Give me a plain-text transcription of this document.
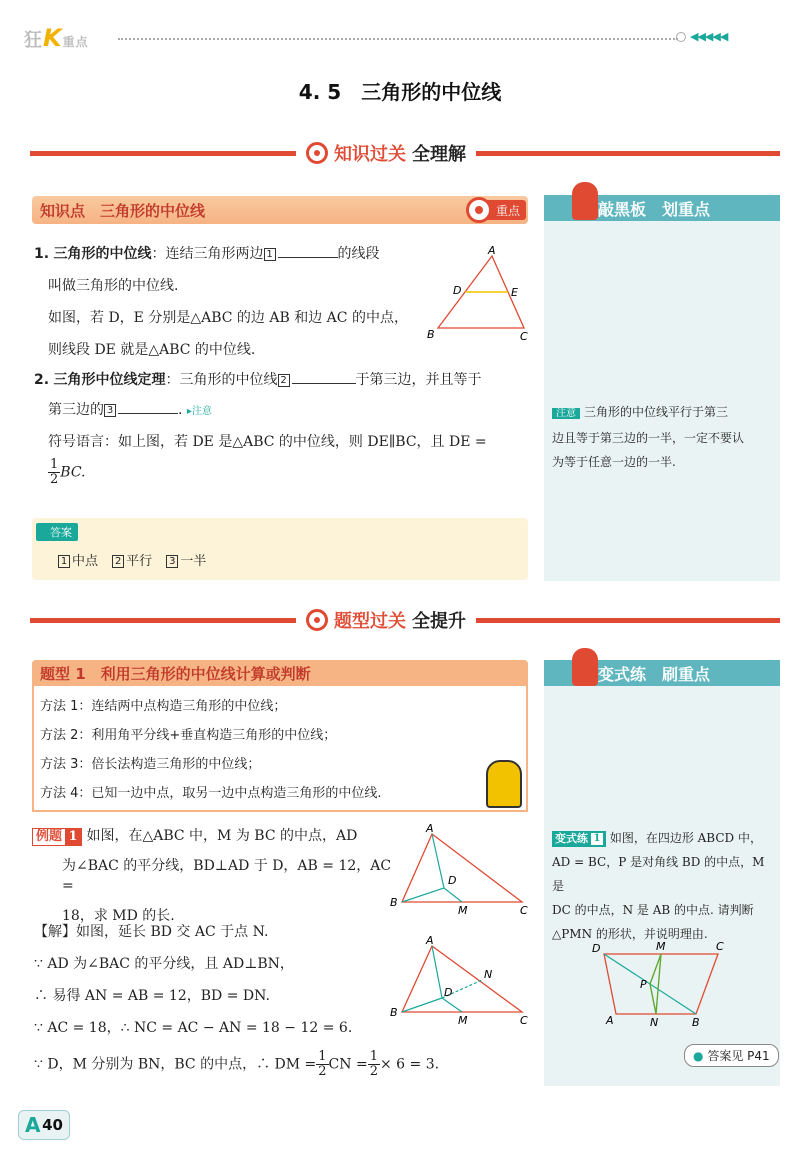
狂K重点	◀◀◀◀◀
4. 5　三角形的中位线
知识过关 全理解
知识点　三角形的中位线	重点
1. 三角形的中位线：连结三角形两边 1	的线段
叫做三角形的中位线.
如图，若 D，E 分别是△ABC 的边 AB 和边 AC 的中点，
则线段 DE 就是△ABC 的中位线.
A
B	C
D	E
2. 三角形中位线定理：三角形的中位线 2	于第三边，并且等于
第三边的 3	. ▸注意
符号语言：如上图，若 DE 是△ABC 的中位线，则 DE∥BC，且 DE =
$\frac{1}{2}$ BC.
答案
1 中点 2 平行 3 一半
敲黑板　划重点
注意 三角形的中位线平行于第三
边且等于第三边的一半，一定不要认
为等于任意一边的一半.
题型过关 全提升
题型 1　利用三角形的中位线计算或判断
方法 1：连结两中点构造三角形的中位线；
方法 2：利用角平分线+垂直构造三角形的中位线；
方法 3：倍长法构造三角形的中位线；
方法 4：已知一边中点，取另一边中点构造三角形的中位线.
例题 1 如图，在△ABC 中，M 为 BC 的中点，AD
为∠BAC 的平分线，BD⊥AD 于 D，AB = 12，AC =
18，求 MD 的长.
【解】如图，延长 BD 交 AC 于点 N.
∵ AD 为∠BAC 的平分线，且 AD⊥BN，
∴ 易得 AN = AB = 12，BD = DN.
∵ AC = 18，∴ NC = AC − AN = 18 − 12 = 6.
∵ D，M 分别为 BN，BC 的中点，∴ DM = $\frac{1}{2}$ CN = $\frac{1}{2} \times 6 = 3$.
A
B
C
D
M
A
B
C
D
M
N
变式练　刷重点
变式练 1 如图，在四边形 ABCD 中，
AD = BC，P 是对角线 BD 的中点，M 是
DC 的中点，N 是 AB 的中点. 请判断
△PMN 的形状，并说明理由.
D	C
M
P
A	N	B
● 答案见 P41
A 40
